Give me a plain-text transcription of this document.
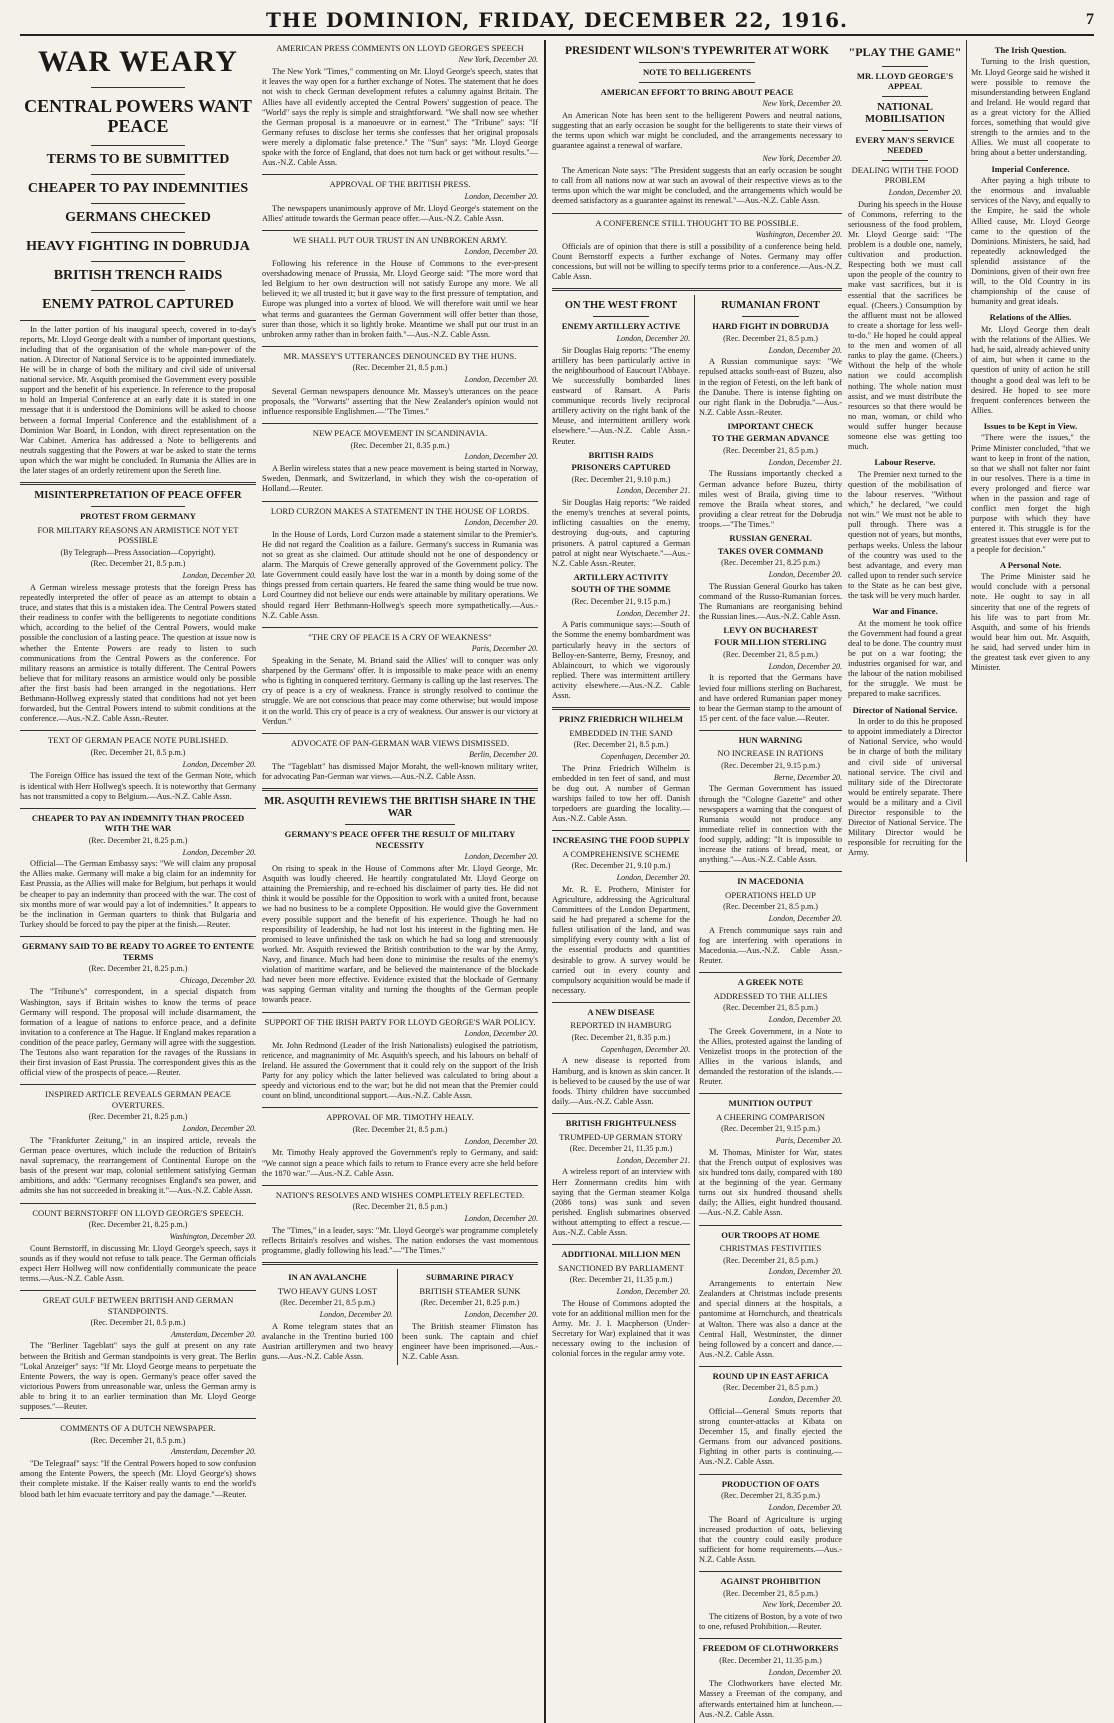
THE DOMINION, FRIDAY, DECEMBER 22, 1916.	7
WAR WEARY
CENTRAL POWERS WANT PEACE
TERMS TO BE SUBMITTED
CHEAPER TO PAY INDEMNITIES
GERMANS CHECKED
HEAVY FIGHTING IN DOBRUDJA
BRITISH TRENCH RAIDS
ENEMY PATROL CAPTURED

In the latter portion of his inaugural speech, covered in to-day's reports, Mr. Lloyd George dealt with a number of important questions, including that of the organisation of the whole man-power of the nation. A Director of National Service is to be appointed immediately. He will be in charge of both the military and civil side of universal national service. Mr. Asquith promised the Government every possible support and the benefit of his experience. In reference to the proposal to hold an Imperial Conference at an early date it is stated in one message that it is understood the Dominions will be asked to choose between a formal Imperial Conference and the establishment of a Dominion War Board, in London, with direct representation on the War Cabinet. America has addressed a Note to belligerents and neutrals suggesting that the Powers at war be asked to state the terms upon which the war might be concluded. In Rumania the Allies are in the later stages of an orderly retirement upon the Sereth line.

MISINTERPRETATION OF PEACE OFFER
PROTEST FROM GERMANY
FOR MILITARY REASONS AN ARMISTICE NOT YET POSSIBLE
(By Telegraph—Press Association—Copyright).
(Rec. December 21, 8.5 p.m.)
London, December 20.

A German wireless message protests that the foreign Press has repeatedly interpreted the offer of peace as an attempt to obtain a truce, and states that this is a mistaken idea. The Central Powers stated their readiness to confer with the belligerents to negotiate conditions which, according to the belief of the Central Powers, would make possible the conclusion of a lasting peace. The question at issue now is whether the Entente Powers are ready to listen to such communications from the Central Powers as the conference. For military reasons an armistice is totally different. The Central Powers believe that for military reasons an armistice would only be possible after the first basis had been arranged in the negotiations. Herr Bethmann-Hollweg expressly stated that conditions had not yet been forwarded, but the Central Powers intend to submit conditions at the conference.—Aus.-N.Z. Cable Assn.-Reuter.

TEXT OF GERMAN PEACE NOTE PUBLISHED.
(Rec. December 21, 8.5 p.m.)
London, December 20.

The Foreign Office has issued the text of the German Note, which is identical with Herr Hollweg's speech. It is noteworthy that Germany has not transmitted a copy to Belgium.—Aus.-N.Z. Cable Assn.

CHEAPER TO PAY AN INDEMNITY THAN PROCEED WITH THE WAR
(Rec. December 21, 8.25 p.m.)
London, December 20.

Official—The German Embassy says: "We will claim any proposal the Allies make. Germany will make a big claim for an indemnity for East Prussia, as the Allies will make for Belgium, but perhaps it would be cheaper to pay an indemnity than proceed with the war. The cost of six months more of war would pay a lot of indemnities." It appears to be the inclination in German quarters to think that Bulgaria and Turkey should be forced to pay the piper at the finish.—Reuter.

GERMANY SAID TO BE READY TO AGREE TO ENTENTE TERMS
(Rec. December 21, 8.25 p.m.)
Chicago, December 20.

The "Tribune's" correspondent, in a special dispatch from Washington, says if Britain wishes to know the terms of peace Germany will respond. The proposal will include disarmament, the formation of a league of nations to enforce peace, and a definite invitation to a conference at The Hague. If England makes reparation a condition of the peace parley, Germany will agree with the suggestion. The Teutons also want reparation for the ravages of the Russians in their first invasion of East Prussia. The correspondent gives this as the official view of the prospects of peace.—Reuter.

INSPIRED ARTICLE REVEALS GERMAN PEACE OVERTURES.
(Rec. December 21, 8.25 p.m.)
London, December 20.

The "Frankfurter Zeitung," in an inspired article, reveals the German peace overtures, which include the reduction of Britain's naval supremacy, the rearrangement of Continental Europe on the basis of the present war map, colonial settlement satisfying German ambitions, and adds: "Germany recognises England's sea power, and admits she has not succeeded in breaking it."—Aus.-N.Z. Cable Assn.

COUNT BERNSTORFF ON LLOYD GEORGE'S SPEECH.
(Rec. December 21, 8.25 p.m.)
Washington, December 20.

Count Bernstorff, in discussing Mr. Lloyd George's speech, says it sounds as if they would not refuse to talk peace. The German officials expect Herr Hollweg will now confidentially communicate the peace terms.—Aus.-N.Z. Cable Assn.

GREAT GULF BETWEEN BRITISH AND GERMAN STANDPOINTS.
(Rec. December 21, 8.5 p.m.)
Amsterdam, December 20.

The "Berliner Tageblatt" says the gulf at present on any rate between the British and German standpoints is very great. The Berlin "Lokal Anzeiger" says: "If Mr. Lloyd George means to perpetuate the Entente Powers, the way is open. Germany's peace offer saved the victorious Powers from unreasonable war, unless the German army is able to bring it to an earlier termination than Mr. Lloyd George supposes."—Reuter.

COMMENTS OF A DUTCH NEWSPAPER.
(Rec. December 21, 8.5 p.m.)
Amsterdam, December 20.

"De Telegraaf" says: "If the Central Powers hoped to sow confusion among the Entente Powers, the speech (Mr. Lloyd George's) shows their complete mistake. If the Kaiser really wants to end the world's blood bath let him evacuate territory and pay the damage."—Reuter.

AMERICAN PRESS COMMENTS ON LLOYD GEORGE'S SPEECH
New York, December 20.

The New York "Times," commenting on Mr. Lloyd George's speech, states that it leaves the way open for a further exchange of Notes. The statement that he does not wish to check German development refutes a calumny against Britain. The Allies have all evidently accepted the Central Powers' suggestion of peace. The "World" says the reply is simple and straightforward. "We shall now see whether the German proposal is a manoeuvre or in earnest." The "Tribune" says: "If Germany refuses to disclose her terms she confesses that her original proposals were merely a diplomatic false pretence." The "Sun" says: "Mr. Lloyd George spoke with the force of England, that does not turn back or get without results."—Aus.-N.Z. Cable Assn.

APPROVAL OF THE BRITISH PRESS.
London, December 20.

The newspapers unanimously approve of Mr. Lloyd George's statement on the Allies' attitude towards the German peace offer.—Aus.-N.Z. Cable Assn.

WE SHALL PUT OUR TRUST IN AN UNBROKEN ARMY.
London, December 20.

Following his reference in the House of Commons to the ever-present overshadowing menace of Prussia, Mr. Lloyd George said: "The more word that led Belgium to her own destruction will not satisfy Europe any more. We all believed it; we all trusted it; but it gave way to the first pressure of temptation, and Europe was plunged into a vortex of blood. We will therefore wait until we hear what terms and guarantees the German Government will offer better than those, surer than those, which it so lightly broke. Meantime we shall put our trust in an unbroken army rather than in broken faith."—Aus.-N.Z. Cable Assn.

MR. MASSEY'S UTTERANCES DENOUNCED BY THE HUNS.
(Rec. December 21, 8.5 p.m.)
London, December 20.

Several German newspapers denounce Mr. Massey's utterances on the peace proposals, the "Vorwarts" asserting that the New Zealander's opinion would not influence responsible Englishmen.—"The Times."

NEW PEACE MOVEMENT IN SCANDINAVIA.
(Rec. December 21, 8.35 p.m.)
London, December 20.

A Berlin wireless states that a new peace movement is being started in Norway, Sweden, Denmark, and Switzerland, in which they wish the co-operation of Holland.—Reuter.

LORD CURZON MAKES A STATEMENT IN THE HOUSE OF LORDS.
London, December 20.

In the House of Lords, Lord Curzon made a statement similar to the Premier's. He did not regard the Coalition as a failure. Germany's success in Rumania was not so great as she claimed. Our attitude should not be one of despondency or alarm. The Marquis of Crewe generally approved of the Government policy. The late Government could easily have lost the war in a month by doing some of the things pressed from certain quarters. He feared the same thing would be true now. Lord Courtney did not believe our ends were attainable by military operations. We should regard Herr Bethmann-Hollweg's speech more sympathetically.—Aus.-N.Z. Cable Assn.

"THE CRY OF PEACE IS A CRY OF WEAKNESS"
Paris, December 20.

Speaking in the Senate, M. Briand said the Allies' will to conquer was only sharpened by the Germans' offer. It is impossible to make peace with an enemy who is fighting in conquered territory. Germany is calling up the last reserves. The cry of peace is a cry of weakness. France is strongly resolved to continue the struggle. We are not conscious that peace may come otherwise; but would impose it on the world. This cry of peace is a cry of weakness. Our answer is our victory at Verdun."

ADVOCATE OF PAN-GERMAN WAR VIEWS DISMISSED.
Berlin, December 20.

The "Tageblatt" has dismissed Major Moraht, the well-known military writer, for advocating Pan-German war views.—Aus.-N.Z. Cable Assn.

MR. ASQUITH REVIEWS THE BRITISH SHARE IN THE WAR
GERMANY'S PEACE OFFER THE RESULT OF MILITARY NECESSITY
London, December 20.

On rising to speak in the House of Commons after Mr. Lloyd George, Mr. Asquith was loudly cheered. He heartily congratulated Mr. Lloyd George on attaining the Premiership, and re-echoed his disclaimer of party ties. He did not think it would be possible for the Opposition to work with a united front, because we had no business to be a complete Opposition. He would give the Government every possible support and the benefit of his experience. Though he had no responsibility of leadership, he had not lost his interest in the fighting men. He promised to leave unfinished the task on which he had so long and strenuously worked. Mr. Asquith reviewed the British contribution to the war by the Army, Navy, and finance. Much had been done to minimise the results of the enemy's violation of maritime warfare, and he believed the maintenance of the blockade had never been more effective. Evidence existed that the blockade of Germany was sapping German vitality and turning the thoughts of the German people towards peace.

SUPPORT OF THE IRISH PARTY FOR LLOYD GEORGE'S WAR POLICY.
London, December 20.

Mr. John Redmond (Leader of the Irish Nationalists) eulogised the patriotism, reticence, and magnanimity of Mr. Asquith's speech, and his labours on behalf of Ireland. He assured the Government that it could rely on the support of the Irish Party for any policy which the latter believed was calculated to bring about a speedy and victorious end to the war; but he did not mean that the Premier could count on blind, unconditional support.—Aus.-N.Z. Cable Assn.

APPROVAL OF MR. TIMOTHY HEALY.
(Rec. December 21, 8.5 p.m.)
London, December 20.

Mr. Timothy Healy approved the Government's reply to Germany, and said: "We cannot sign a peace which fails to return to France every acre she held before the 1870 war."—Aus.-N.Z. Cable Assn.

NATION'S RESOLVES AND WISHES COMPLETELY REFLECTED.
(Rec. December 21, 8.5 p.m.)
London, December 20.

The "Times," in a leader, says: "Mr. Lloyd George's war programme completely reflects Britain's resolves and wishes. The nation endorses the vast momentous programme, gladly following his lead."—"The Times."

IN AN AVALANCHE
TWO HEAVY GUNS LOST
(Rec. December 21, 8.5 p.m.)
London, December 20.

A Rome telegram states that an avalanche in the Trentino buried 100 Austrian artillerymen and two heavy guns.—Aus.-N.Z. Cable Assn.

SUBMARINE PIRACY
BRITISH STEAMER SUNK
(Rec. December 21, 8.25 p.m.)
London, December 20.

The British steamer Flimston has been sunk. The captain and chief engineer have been imprisoned.—Aus.-N.Z. Cable Assn.

PRESIDENT WILSON'S TYPEWRITER AT WORK
NOTE TO BELLIGERENTS
AMERICAN EFFORT TO BRING ABOUT PEACE
New York, December 20.

An American Note has been sent to the belligerent Powers and neutral nations, suggesting that an early occasion be sought for the belligerents to state their views of the terms upon which war might be concluded, and the arrangements necessary to guarantee against a renewal of warfare.

New York, December 20.

The American Note says: "The President suggests that an early occasion be sought to call from all nations now at war such an avowal of their respective views as to the terms upon which the war might be concluded, and the arrangements which would be deemed satisfactory as a guarantee against its renewal."—Aus.-N.Z. Cable Assn.

A CONFERENCE STILL THOUGHT TO BE POSSIBLE.
Washington, December 20.

Officials are of opinion that there is still a possibility of a conference being held. Count Bernstorff expects a further exchange of Notes. Germany may offer concessions, but will not be willing to specify terms prior to a conference.—Aus.-N.Z. Cable Assn.

ON THE WEST FRONT
ENEMY ARTILLERY ACTIVE
London, December 20.

Sir Douglas Haig reports: "The enemy artillery has been particularly active in the neighbourhood of Eaucourt l'Abbaye. We successfully bombarded lines eastward of Ransart. A Paris communique records lively reciprocal artillery activity on the right bank of the Meuse, and intermittent artillery work elsewhere."—Aus.-N.Z. Cable Assn.-Reuter.

BRITISH RAIDS
PRISONERS CAPTURED
(Rec. December 21, 9.10 p.m.)
London, December 21.

Sir Douglas Haig reports: "We raided the enemy's trenches at several points, inflicting casualties on the enemy, destroying dug-outs, and capturing prisoners. A patrol captured a German patrol at night near Wytschaete."—Aus.-N.Z. Cable Assn.-Reuter.

ARTILLERY ACTIVITY
SOUTH OF THE SOMME
(Rec. December 21, 9.15 p.m.)
London, December 21.

A Paris communique says:—South of the Somme the enemy bombardment was particularly heavy in the sectors of Belloy-en-Santerre, Berny, Fresnoy, and Ablaincourt, to which we vigorously replied. There was intermittent artillery activity elsewhere.—Aus.-N.Z. Cable Assn.

PRINZ FRIEDRICH WILHELM
EMBEDDED IN THE SAND
(Rec. December 21, 8.5 p.m.)
Copenhagen, December 20.

The Prinz Friedrich Wilhelm is embedded in ten feet of sand, and must be dug out. A number of German warships failed to tow her off. Danish torpedoers are guarding the locality.—Aus.-N.Z. Cable Assn.

INCREASING THE FOOD SUPPLY
A COMPREHENSIVE SCHEME
(Rec. December 21, 9.10 p.m.)
London, December 20.

Mr. R. E. Prothero, Minister for Agriculture, addressing the Agricultural Committees of the London Department, said he had prepared a scheme for the fullest utilisation of the land, and was simplifying every county with a list of the essential products and quantities desirable to grow. A survey would be carried out in every county and compulsory acquisition would be made if necessary.

A NEW DISEASE
REPORTED IN HAMBURG
(Rec. December 21, 8.35 p.m.)
Copenhagen, December 20.

A new disease is reported from Hamburg, and is known as skin cancer. It is believed to be caused by the use of war foods. Thirty children have succumbed daily.—Aus.-N.Z. Cable Assn.

BRITISH FRIGHTFULNESS
TRUMPED-UP GERMAN STORY
(Rec. December 21, 11.35 p.m.)
London, December 21.

A wireless report of an interview with Herr Zonnermann credits him with saying that the German steamer Kolga (2086 tons) was sunk and seven perished. English submarines observed without attempting to effect a rescue.—Aus.-N.Z. Cable Assn.

ADDITIONAL MILLION MEN
SANCTIONED BY PARLIAMENT
(Rec. December 21, 11.35 p.m.)
London, December 20.

The House of Commons adopted the vote for an additional million men for the Army. Mr. J. I. Macpherson (Under-Secretary for War) explained that it was necessary owing to the inclusion of colonial forces in the regular army vote.

RUMANIAN FRONT
HARD FIGHT IN DOBRUDJA
(Rec. December 21, 8.5 p.m.)
London, December 20.

A Russian communique says: "We repulsed attacks south-east of Buzeu, also in the region of Fetesti, on the left bank of the Danube. There is intense fighting on our right flank in the Dobrudja."—Aus.-N.Z. Cable Assn.-Reuter.

IMPORTANT CHECK
TO THE GERMAN ADVANCE
(Rec. December 21, 8.5 p.m.)
London, December 21.

The Russians importantly checked a German advance before Buzeu, thirty miles west of Braila, giving time to remove the Braila wheat stores, and providing a clear retreat for the Dobrudja troops.—"The Times."

RUSSIAN GENERAL
TAKES OVER COMMAND
(Rec. December 21, 8.25 p.m.)
London, December 20.

The Russian General Gourko has taken command of the Russo-Rumanian forces. The Rumanians are reorganising behind the Russian lines.—Aus.-N.Z. Cable Assn.

LEVY ON BUCHAREST
FOUR MILLION STERLING
(Rec. December 21, 8.5 p.m.)
London, December 20.

It is reported that the Germans have levied four millions sterling on Bucharest, and have ordered Rumanian paper money to bear the German stamp to the amount of 15 per cent. of the face value.—Reuter.

HUN WARNING
NO INCREASE IN RATIONS
(Rec. December 21, 9.15 p.m.)
Berne, December 20.

The German Government has issued through the "Cologne Gazette" and other newspapers a warning that the conquest of Rumania would not produce any immediate relief in connection with the food supply, adding: "It is impossible to increase the rations of bread, meat, or anything."—Aus.-N.Z. Cable Assn.

IN MACEDONIA
OPERATIONS HELD UP
(Rec. December 21, 8.5 p.m.)
London, December 20.

A French communique says rain and fog are interfering with operations in Macedonia.—Aus.-N.Z. Cable Assn.-Reuter.

A GREEK NOTE
ADDRESSED TO THE ALLIES
(Rec. December 21, 8.5 p.m.)
London, December 20.

The Greek Government, in a Note to the Allies, protested against the landing of Venizelist troops in the protection of the Allies in the various islands, and demanded the restoration of the islands.—Reuter.

MUNITION OUTPUT
A CHEERING COMPARISON
(Rec. December 21, 9.15 p.m.)
Paris, December 20.

M. Thomas, Minister for War, states that the French output of explosives was six hundred tons daily, compared with 180 at the beginning of the year. Germany turns out six hundred thousand shells daily; the Allies, eight hundred thousand.—Aus.-N.Z. Cable Assn.

OUR TROOPS AT HOME
CHRISTMAS FESTIVITIES
(Rec. December 21, 8.5 p.m.)
London, December 20.

Arrangements to entertain New Zealanders at Christmas include presents and special dinners at the hospitals, a pantomime at Hornchurch, and theatricals at Walton. There was also a dance at the Central Hall, Westminster, the dinner being followed by a concert and dance.—Aus.-N.Z. Cable Assn.

ROUND UP IN EAST AFRICA
(Rec. December 21, 8.5 p.m.)
London, December 20.

Official—General Smuts reports that strong counter-attacks at Kibata on December 15, and finally ejected the Germans from our advanced positions. Fighting in other parts is continuing.—Aus.-N.Z. Cable Assn.

PRODUCTION OF OATS
(Rec. December 21, 8.35 p.m.)
London, December 20.

The Board of Agriculture is urging increased production of oats, believing that the country could easily produce sufficient for home requirements.—Aus.-N.Z. Cable Assn.

AGAINST PROHIBITION
(Rec. December 21, 8.5 p.m.)
New York, December 20.

The citizens of Boston, by a vote of two to one, refused Prohibition.—Reuter.

FREEDOM OF CLOTHWORKERS
(Rec. December 21, 11.35 p.m.)
London, December 20.

The Clothworkers have elected Mr. Massey a Freeman of the company, and afterwards entertained him at luncheon.—Aus.-N.Z. Cable Assn.

"PLAY THE GAME"
MR. LLOYD GEORGE'S APPEAL
NATIONAL MOBILISATION
EVERY MAN'S SERVICE NEEDED
DEALING WITH THE FOOD PROBLEM
London, December 20.

During his speech in the House of Commons, referring to the seriousness of the food problem, Mr. Lloyd George said: "The problem is a double one, namely, cultivation and production. Respecting both we must call upon the people of the country to make vast sacrifices, but it is essential that the sacrifices be equal. (Cheers.) Consumption by the affluent must not be allowed to create a shortage for less well-to-do." He hoped he could appeal to the men and women of all ranks to play the game. (Cheers.) Without the help of the whole nation we could accomplish nothing. The whole nation must assist, and we must distribute the resources so that there would be no man, woman, or child who would suffer hunger because someone else was getting too much.

Labour Reserve.

The Premier next turned to the question of the mobilisation of the labour reserves. "Without which," he declared, "we could not win." We must not be able to pull through. There was a question not of years, but months, perhaps weeks. Unless the labour of the country was used to the best advantage, and every man called upon to render such service to the State as he can best give, the task will be very much harder.

War and Finance.

At the moment he took office the Government had found a great deal to be done. The country must be put on a war footing; the industries organised for war, and the labour of the nation mobilised for the struggle. We must be prepared to make sacrifices.

Director of National Service.

In order to do this he proposed to appoint immediately a Director of National Service, who would be in charge of both the military and civil side of universal national service. The civil and military side of the Directorate would be entirely separate. There would be a military and a Civil Director responsible to the Director of National Service. The Military Director would be responsible for recruiting for the Army.

The Irish Question.

Turning to the Irish question, Mr. Lloyd George said he wished it were possible to remove the misunderstanding between England and Ireland. He would regard that as a great victory for the Allied forces, something that would give strength to the armies and to the Allies. We must all cooperate to bring about a better understanding.

Imperial Conference.

After paying a high tribute to the enormous and invaluable services of the Navy, and equally to the Empire, he said the whole Allied cause, Mr. Lloyd George came to the question of the Dominions. Ministers, he said, had repeatedly acknowledged the splendid assistance of the Dominions, given of their own free will, to the Old Country in its championship of the cause of humanity and great ideals.

Relations of the Allies.

Mr. Lloyd George then dealt with the relations of the Allies. We had, he said, already achieved unity of aim, but when it came to the question of unity of action he still thought a good deal was left to be desired. He hoped to see more frequent conferences between the Allies.

Issues to be Kept in View.

"There were the issues," the Prime Minister concluded, "that we want to keep in front of the nation, so that we shall not falter nor faint in our resolves. There is a time in every prolonged and fierce war when in the passion and rage of conflict men forget the high purpose with which they have entered it. This struggle is for the greatest issues that ever were put to a people for decision."

A Personal Note.

The Prime Minister said he would conclude with a personal note. He ought to say in all sincerity that one of the regrets of his life was to part from Mr. Asquith, and some of his friends would bear him out. Mr. Asquith, he said, had served under him in the greatest task ever given to any Minister.
